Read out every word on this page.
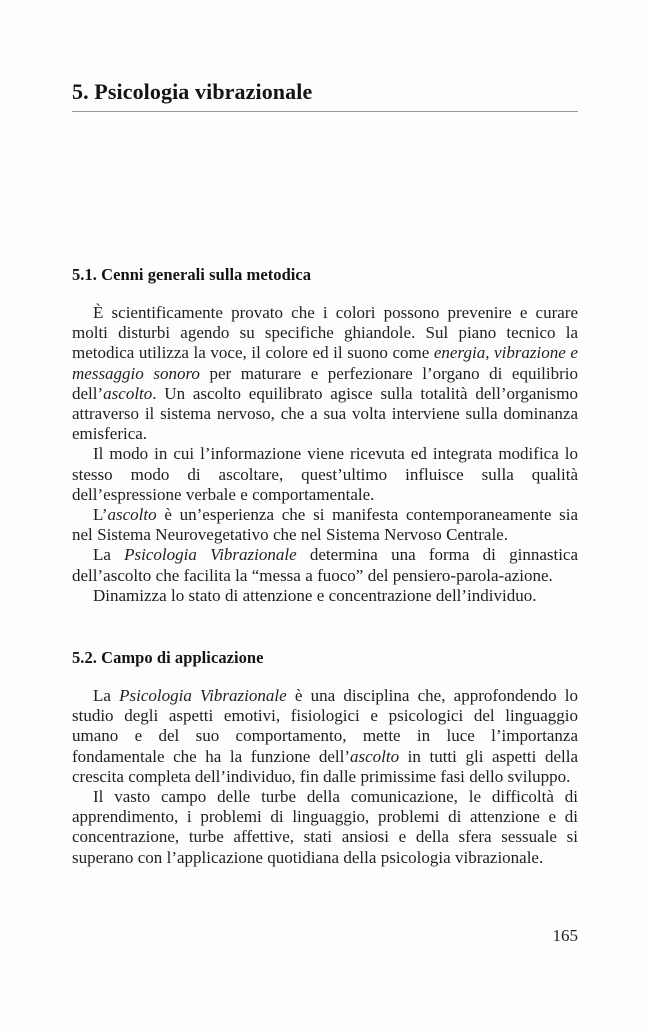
5. Psicologia vibrazionale
5.1. Cenni generali sulla metodica

È scientificamente provato che i colori possono prevenire e curare molti disturbi agendo su specifiche ghiandole. Sul piano tecnico la metodica utilizza la voce, il colore ed il suono come energia, vibrazione e messaggio sonoro per maturare e perfezionare l’organo di equilibrio dell’ascolto. Un ascolto equilibrato agisce sulla totalità dell’organismo attraverso il sistema nervoso, che a sua volta interviene sulla dominanza emisferica.

Il modo in cui l’informazione viene ricevuta ed integrata modifica lo stesso modo di ascoltare, quest’ultimo influisce sulla qualità dell’espressione verbale e comportamentale.

L’ascolto è un’esperienza che si manifesta contemporaneamente sia nel Sistema Neurovegetativo che nel Sistema Nervoso Centrale.

La Psicologia Vibrazionale determina una forma di ginnastica dell’ascolto che facilita la “messa a fuoco” del pensiero-parola-azione.

Dinamizza lo stato di attenzione e concentrazione dell’individuo.

5.2. Campo di applicazione

La Psicologia Vibrazionale è una disciplina che, approfondendo lo studio degli aspetti emotivi, fisiologici e psicologici del linguaggio umano e del suo comportamento, mette in luce l’importanza fondamentale che ha la funzione dell’ascolto in tutti gli aspetti della crescita completa dell’individuo, fin dalle primissime fasi dello sviluppo.

Il vasto campo delle turbe della comunicazione, le difficoltà di apprendimento, i problemi di linguaggio, problemi di attenzione e di concentrazione, turbe affettive, stati ansiosi e della sfera sessuale si superano con l’applicazione quotidiana della psicologia vibrazionale.

165
